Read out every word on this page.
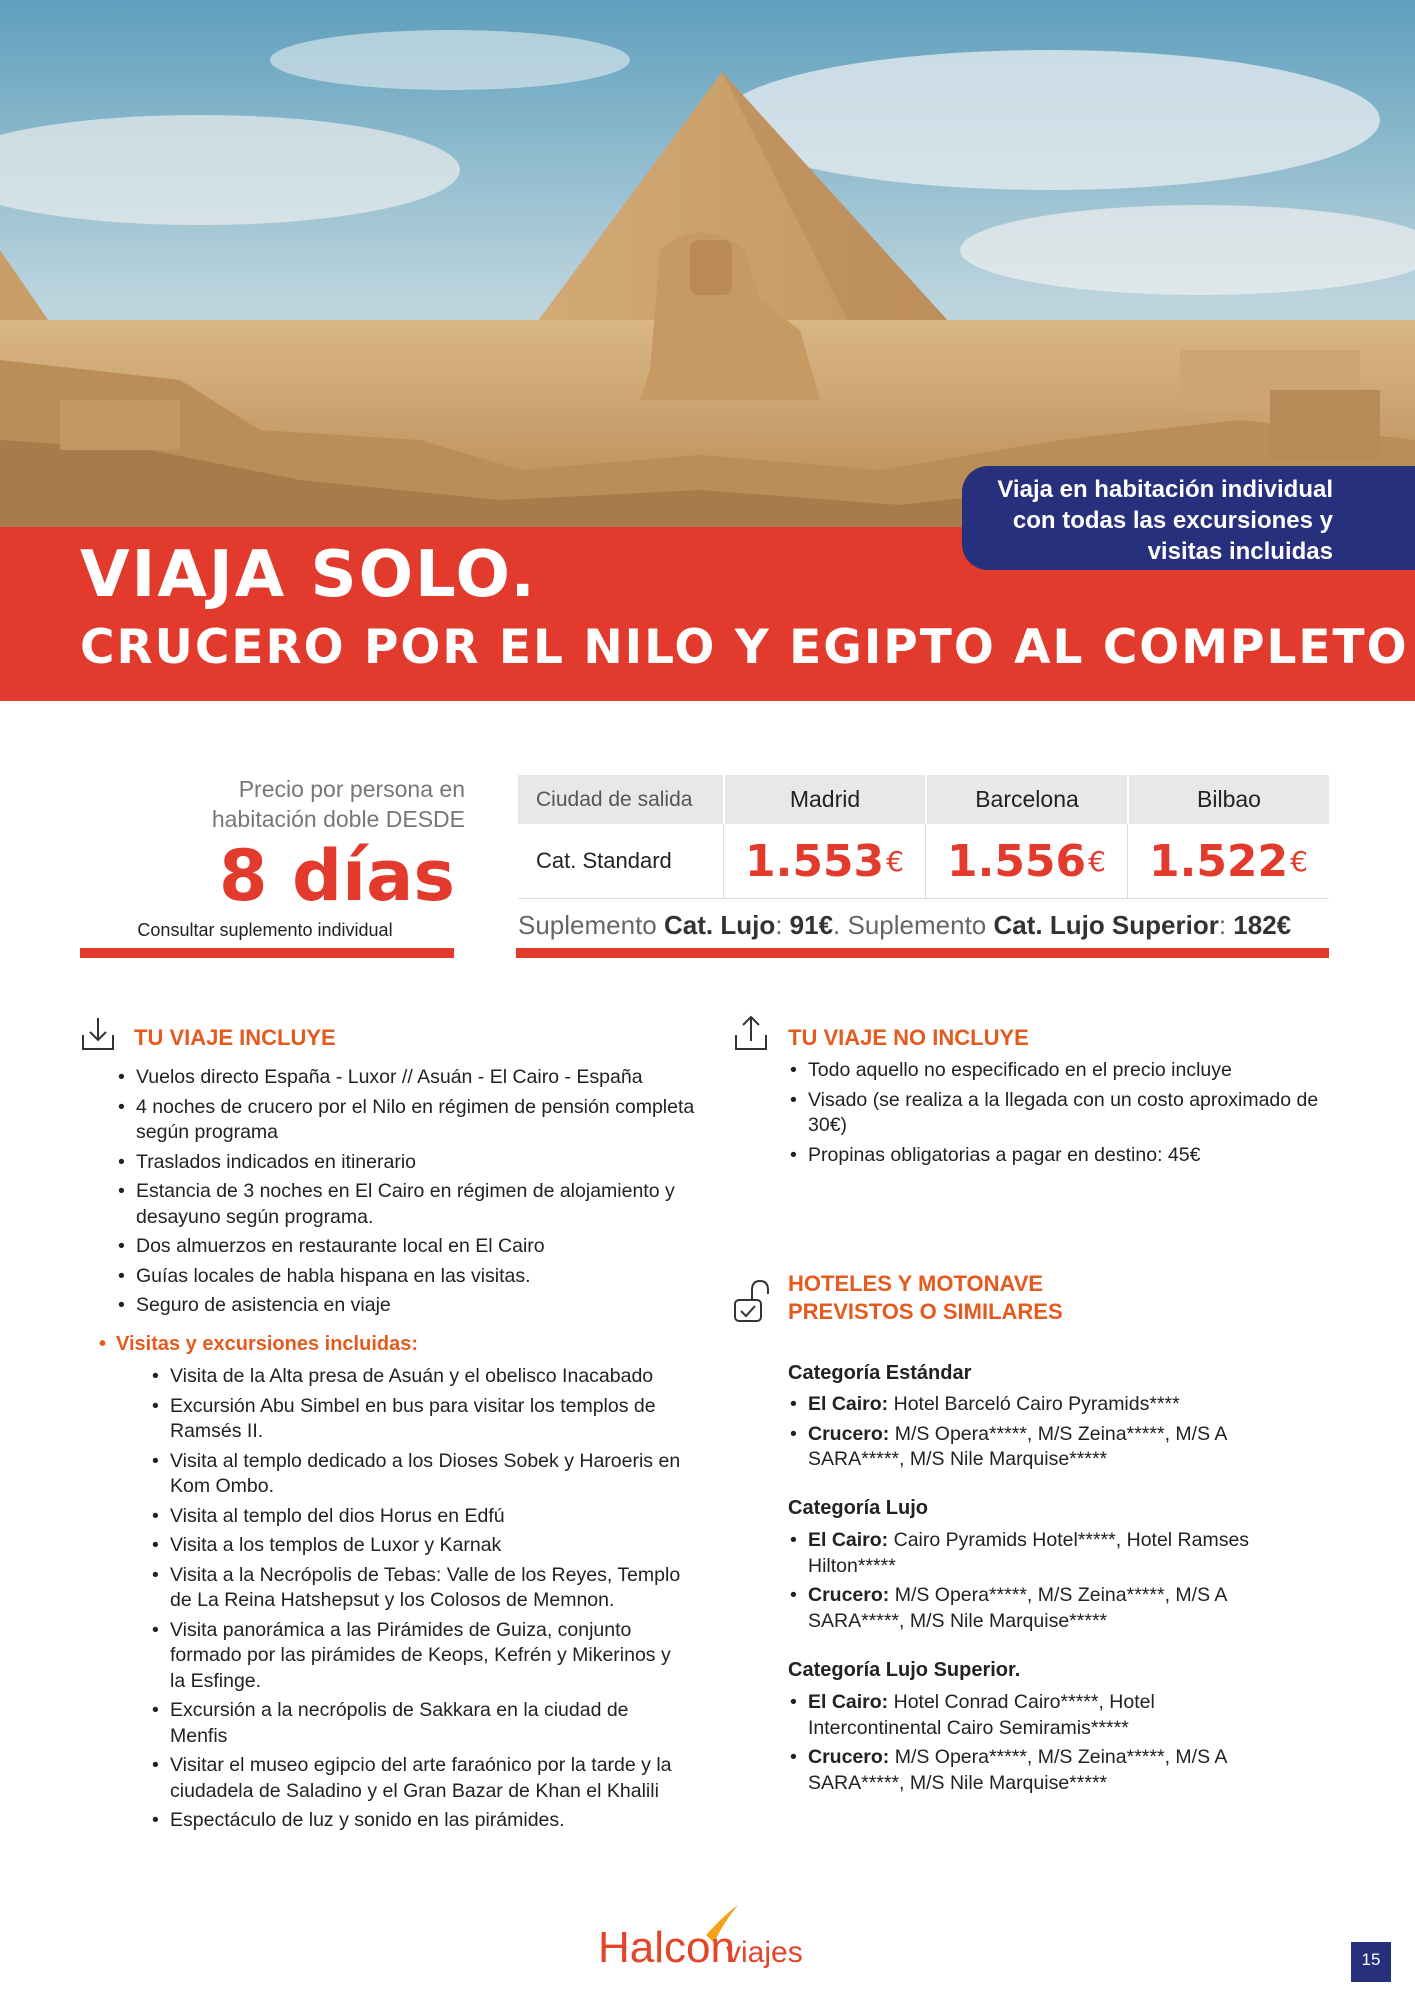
Viaja en habitación individual
con todas las excursiones y
visitas incluidas
VIAJA SOLO.
CRUCERO POR EL NILO Y EGIPTO AL COMPLETO
Precio por persona en
habitación doble DESDE
8 días
Consultar suplemento individual
Ciudad de salida	Madrid	Barcelona	Bilbao
Cat. Standard	1.553 € 1.556 € 1.522 €
Suplemento Cat. Lujo: 91€. Suplemento Cat. Lujo Superior: 182€
TU VIAJE INCLUYE
• Vuelos directo España - Luxor // Asuán - El Cairo - España
• 4 noches de crucero por el Nilo en régimen de pensión completa según programa
• Traslados indicados en itinerario
• Estancia de 3 noches en El Cairo en régimen de alojamiento y desayuno según programa.
• Dos almuerzos en restaurante local en El Cairo
• Guías locales de habla hispana en las visitas.
• Seguro de asistencia en viaje
• Visitas y excursiones incluidas:
• Visita de la Alta presa de Asuán y el obelisco Inacabado
• Excursión Abu Simbel en bus para visitar los templos de Ramsés II.
• Visita al templo dedicado a los Dioses Sobek y Haroeris en Kom Ombo.
• Visita al templo del dios Horus en Edfú
• Visita a los templos de Luxor y Karnak
• Visita a la Necrópolis de Tebas: Valle de los Reyes, Templo de La Reina Hatshepsut y los Colosos de Memnon.
• Visita panorámica a las Pirámides de Guiza, conjunto formado por las pirámides de Keops, Kefrén y Mikerinos y la Esfinge.
• Excursión a la necrópolis de Sakkara en la ciudad de Menfis
• Visitar el museo egipcio del arte faraónico por la tarde y la ciudadela de Saladino y el Gran Bazar de Khan el Khalili
• Espectáculo de luz y sonido en las pirámides.
TU VIAJE NO INCLUYE
• Todo aquello no especificado en el precio incluye
• Visado (se realiza a la llegada con un costo aproximado de 30€)
• Propinas obligatorias a pagar en destino: 45€
HOTELES Y MOTONAVE
PREVISTOS O SIMILARES
Categoría Estándar
• El Cairo: Hotel Barceló Cairo Pyramids****
• Crucero: M/S Opera*****, M/S Zeina*****, M/S A SARA*****, M/S Nile Marquise*****
Categoría Lujo
• El Cairo: Cairo Pyramids Hotel*****, Hotel Ramses Hilton*****
• Crucero: M/S Opera*****, M/S Zeina*****, M/S A SARA*****, M/S Nile Marquise*****
Categoría Lujo Superior.
• El Cairo: Hotel Conrad Cairo*****, Hotel Intercontinental Cairo Semiramis*****
• Crucero: M/S Opera*****, M/S Zeina*****, M/S A SARA*****, M/S Nile Marquise*****
Halcon
viajes	15
